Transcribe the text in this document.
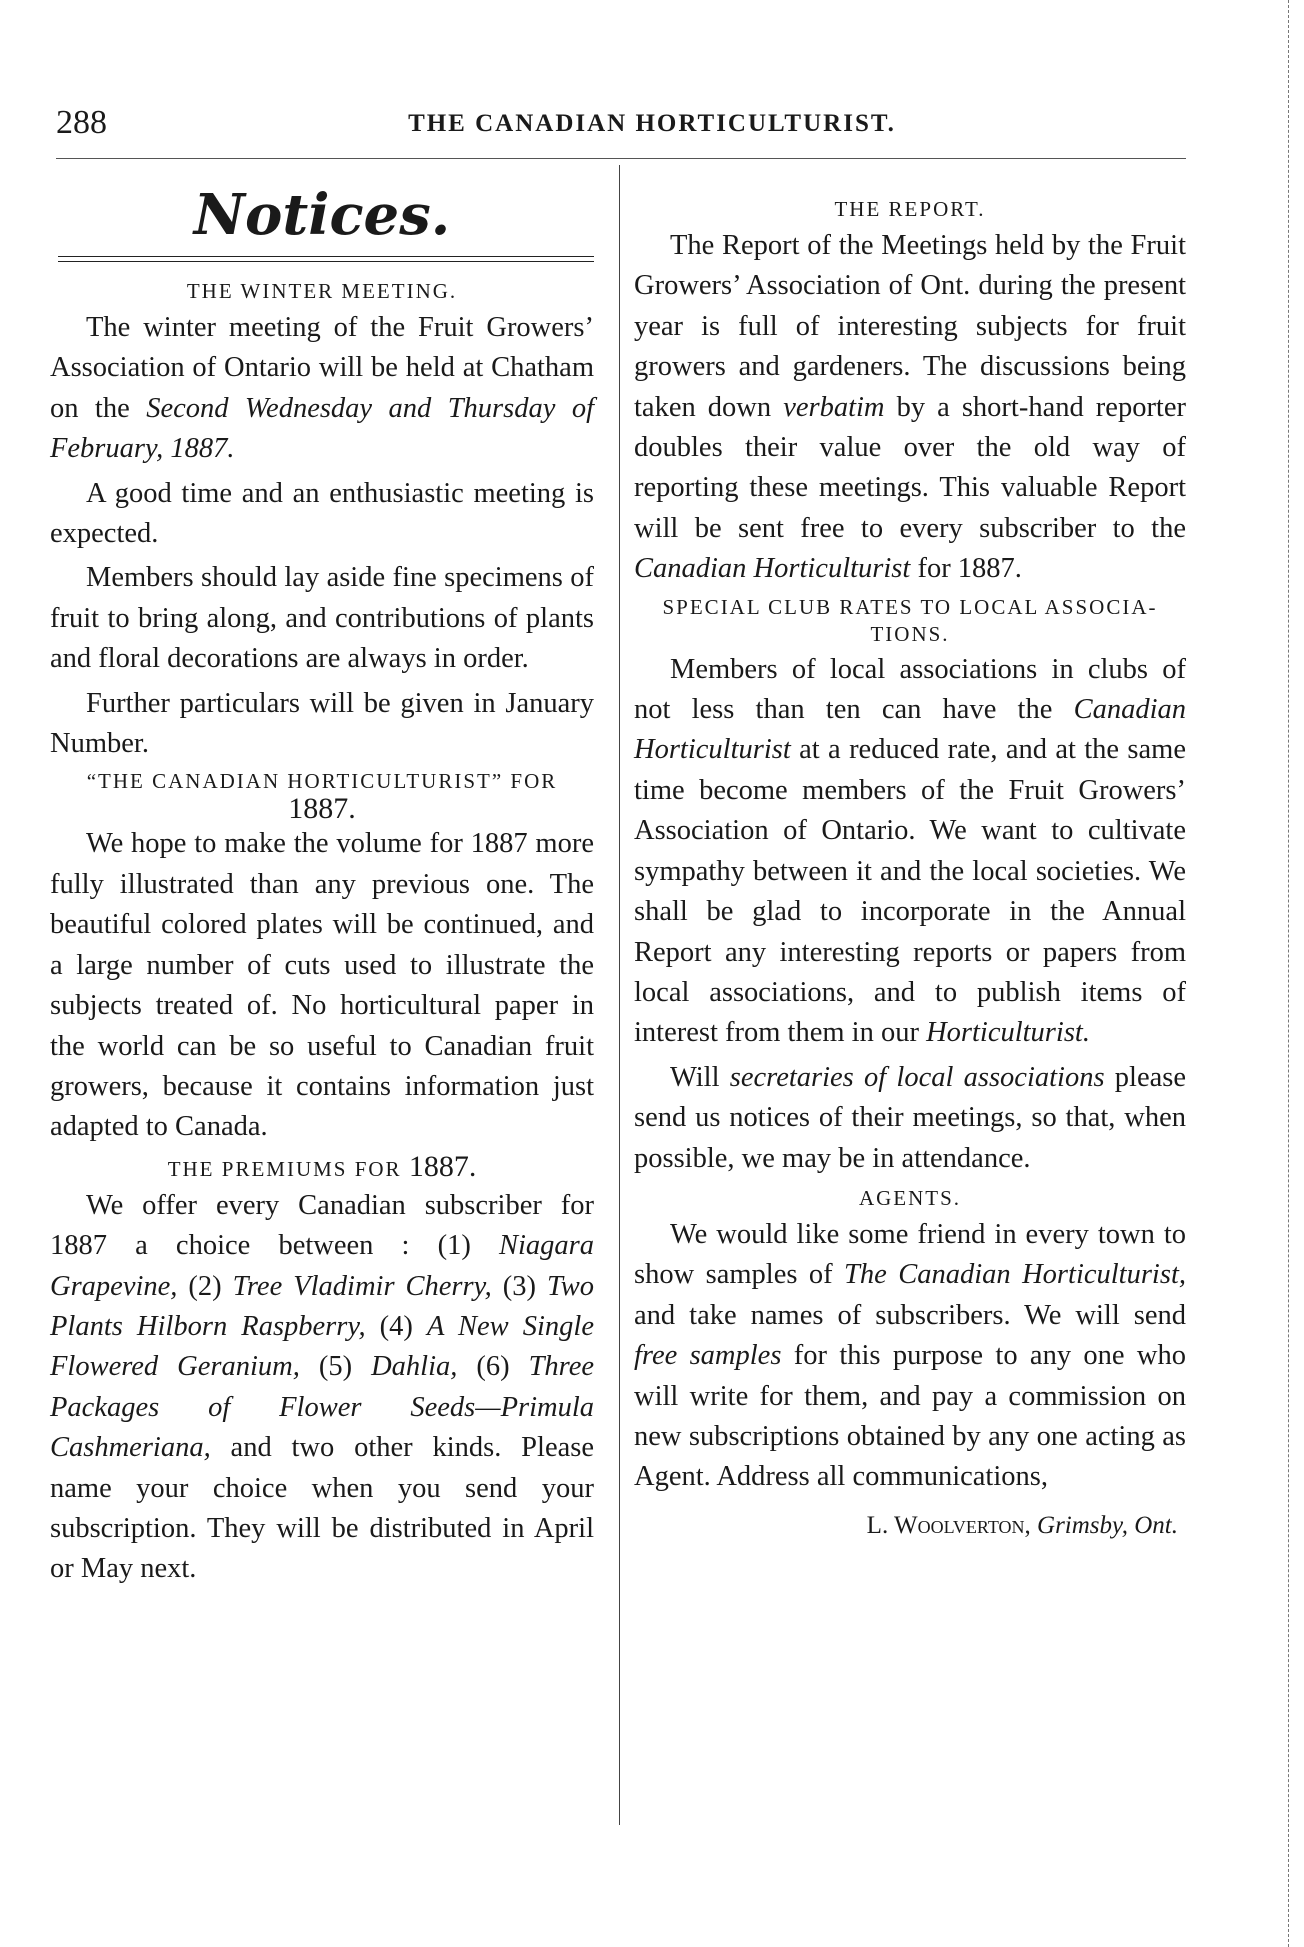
288	THE CANADIAN HORTICULTURIST.
Notices.
THE WINTER MEETING.

The winter meeting of the Fruit Growers’ Association of Ontario will be held at Chatham on the Second Wednesday and Thursday of February, 1887.

A good time and an enthusiastic meeting is expected.

Members should lay aside fine specimens of fruit to bring along, and contributions of plants and floral decorations are always in order.

Further particulars will be given in January Number.

“THE CANADIAN HORTICULTURIST” FOR
1887.

We hope to make the volume for 1887 more fully illustrated than any previous one. The beautiful colored plates will be continued, and a large number of cuts used to illustrate the subjects treated of. No horticultural paper in the world can be so useful to Canadian fruit growers, because it contains information just adapted to Canada.

THE PREMIUMS FOR 1887.

We offer every Canadian subscriber for 1887 a choice between : (1) Niagara Grapevine, (2) Tree Vladimir Cherry, (3) Two Plants Hilborn Raspberry, (4) A New Single Flowered Geranium, (5) Dahlia, (6) Three Packages of Flower Seeds—Primula Cashmeriana, and two other kinds. Please name your choice when you send your subscription. They will be distributed in April or May next.

THE REPORT.

The Report of the Meetings held by the Fruit Growers’ Association of Ont. during the present year is full of interesting subjects for fruit growers and gardeners. The discussions being taken down verbatim by a short-hand reporter doubles their value over the old way of reporting these meetings. This valuable Report will be sent free to every subscriber to the Canadian Horticulturist for 1887.

SPECIAL CLUB RATES TO LOCAL ASSOCIA-
TIONS.

Members of local associations in clubs of not less than ten can have the Canadian Horticulturist at a reduced rate, and at the same time become members of the Fruit Growers’ Association of Ontario. We want to cultivate sympathy between it and the local societies. We shall be glad to incorporate in the Annual Report any interesting reports or papers from local associations, and to publish items of interest from them in our Horticulturist.

Will secretaries of local associations please send us notices of their meetings, so that, when possible, we may be in attendance.

AGENTS.

We would like some friend in every town to show samples of The Canadian Horticulturist, and take names of subscribers. We will send free samples for this purpose to any one who will write for them, and pay a commission on new subscriptions obtained by any one acting as Agent. Address all communications,

L. Woolverton, Grimsby, Ont.
